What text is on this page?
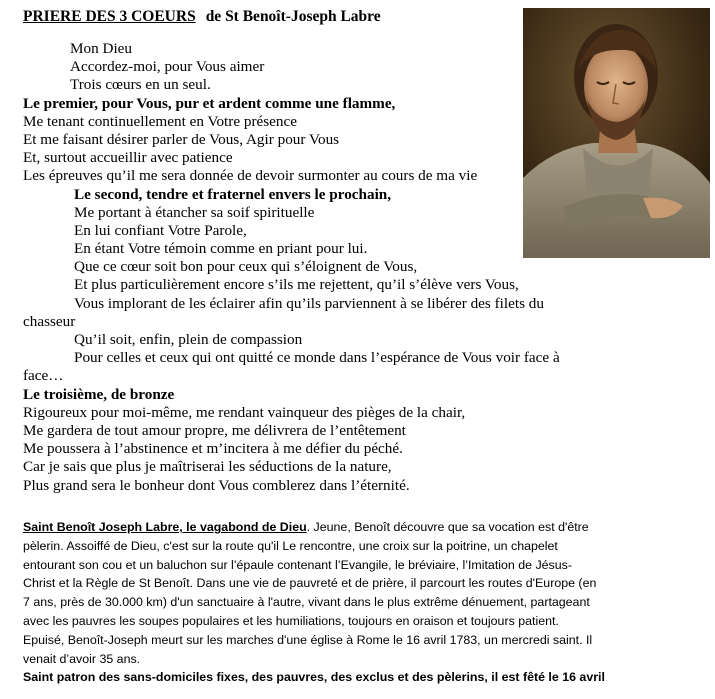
PRIERE DES 3 COEURS de St Benoît-Joseph Labre
Mon Dieu
Accordez-moi, pour Vous aimer
Trois cœurs en un seul.
Le premier, pour Vous, pur et ardent comme une flamme,
Me tenant continuellement en Votre présence
Et me faisant désirer parler de Vous, Agir pour Vous
Et, surtout accueillir avec patience
Les épreuves qu’il me sera donnée de devoir surmonter au cours de ma vie
Le second, tendre et fraternel envers le prochain,
Me portant à étancher sa soif spirituelle
En lui confiant Votre Parole,
En étant Votre témoin comme en priant pour lui.
Que ce cœur soit bon pour ceux qui s’éloignent de Vous,
Et plus particulièrement encore s’ils me rejettent, qu’il s’élève vers Vous,
Vous implorant de les éclairer afin qu’ils parviennent à se libérer des filets du
chasseur
Qu’il soit, enfin, plein de compassion
Pour celles et ceux qui ont quitté ce monde dans l’espérance de Vous voir face à
face…
Le troisième, de bronze
Rigoureux pour moi-même, me rendant vainqueur des pièges de la chair,
Me gardera de tout amour propre, me délivrera de l’entêtement
Me poussera à l’abstinence et m’incitera à me défier du péché.
Car je sais que plus je maîtriserai les séductions de la nature,
Plus grand sera le bonheur dont Vous comblerez dans l’éternité.
Saint Benoît Joseph Labre, le vagabond de Dieu. Jeune, Benoît découvre que sa vocation est d'être
pèlerin. Assoiffé de Dieu, c'est sur la route qu'il Le rencontre, une croix sur la poitrine, un chapelet
entourant son cou et un baluchon sur l’épaule contenant l’Evangile, le bréviaire, l’Imitation de Jésus-
Christ et la Règle de St Benoît. Dans une vie de pauvreté et de prière, il parcourt les routes d'Europe (en
7 ans, près de 30.000 km) d'un sanctuaire à l'autre, vivant dans le plus extrême dénuement, partageant
avec les pauvres les soupes populaires et les humiliations, toujours en oraison et toujours patient.
Epuisé, Benoît-Joseph meurt sur les marches d'une église à Rome le 16 avril 1783, un mercredi saint. Il
venait d’avoir 35 ans.
Saint patron des sans-domiciles fixes, des pauvres, des exclus et des pèlerins, il est fêté le 16 avril
